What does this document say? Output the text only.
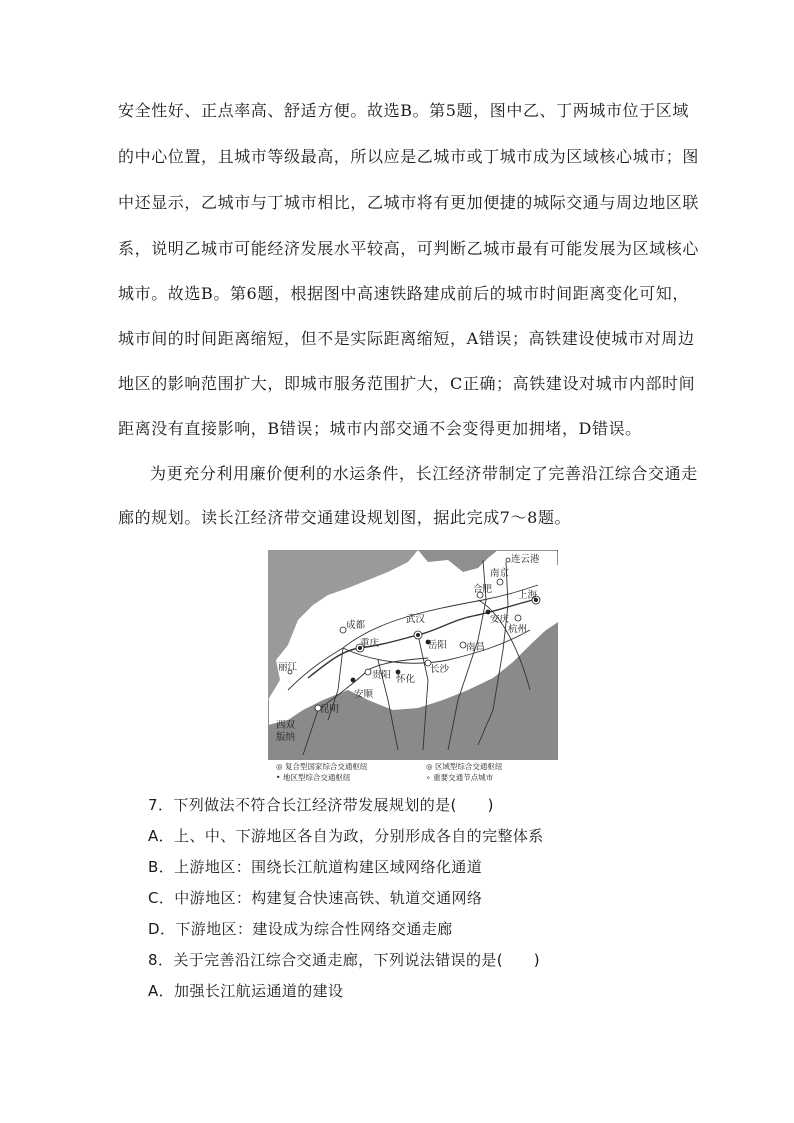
安全性好、正点率高、舒适方便。故选B。第5题，图中乙、丁两城市位于区域
的中心位置，且城市等级最高，所以应是乙城市或丁城市成为区域核心城市；图
中还显示，乙城市与丁城市相比，乙城市将有更加便捷的城际交通与周边地区联
系，说明乙城市可能经济发展水平较高，可判断乙城市最有可能发展为区域核心
城市。故选B。第6题，根据图中高速铁路建成前后的城市时间距离变化可知，
城市间的时间距离缩短，但不是实际距离缩短，A错误；高铁建设使城市对周边
地区的影响范围扩大，即城市服务范围扩大，C正确；高铁建设对城市内部时间
距离没有直接影响，B错误；城市内部交通不会变得更加拥堵，D错误。
为更充分利用廉价便利的水运条件，长江经济带制定了完善沿江综合交通走
廊的规划。读长江经济带交通建设规划图，据此完成7～8题。
连云港
南京
上海
合肥
安庆
杭州
武汉
成都
重庆	岳阳 南昌
长沙
贵阳 怀化
丽江
安顺
昆明
西双
版纳
◎ 复合型国家综合交通枢纽	◎ 区域型综合交通枢纽
• 地区型综合交通枢纽	∘ 重要交通节点城市
7．下列做法不符合长江经济带发展规划的是(　　)
A．上、中、下游地区各自为政，分别形成各自的完整体系
B．上游地区：围绕长江航道构建区域网络化通道
C．中游地区：构建复合快速高铁、轨道交通网络
D．下游地区：建设成为综合性网络交通走廊
8．关于完善沿江综合交通走廊，下列说法错误的是(　　)
A．加强长江航运通道的建设
